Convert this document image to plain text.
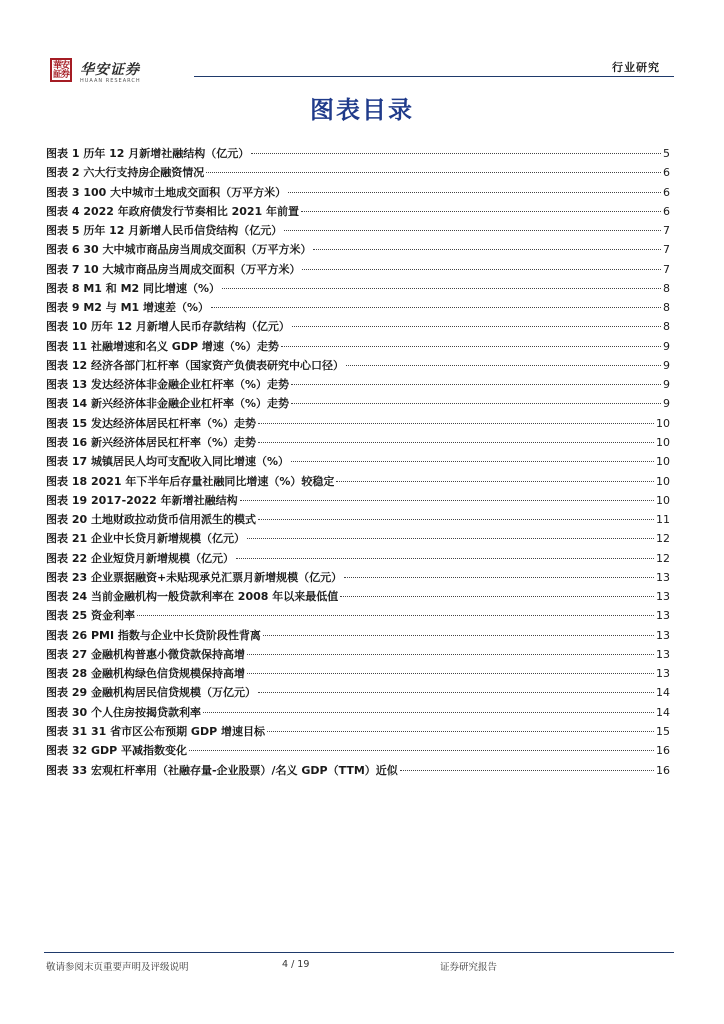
華
安
証
券 华安证券
HUAAN RESEARCH
行业研究
图表目录
图表 1 历年 12 月新增社融结构（亿元）	5
图表 2 六大行支持房企融资情况	6
图表 3 100 大中城市土地成交面积（万平方米）	6
图表 4 2022 年政府债发行节奏相比 2021 年前置	6
图表 5 历年 12 月新增人民币信贷结构（亿元）	7
图表 6 30 大中城市商品房当周成交面积（万平方米）	7
图表 7 10 大城市商品房当周成交面积（万平方米）	7
图表 8 M1 和 M2 同比增速（%）	8
图表 9 M2 与 M1 增速差（%）	8
图表 10 历年 12 月新增人民币存款结构（亿元）	8
图表 11 社融增速和名义 GDP 增速（%）走势	9
图表 12 经济各部门杠杆率（国家资产负债表研究中心口径）	9
图表 13 发达经济体非金融企业杠杆率（%）走势	9
图表 14 新兴经济体非金融企业杠杆率（%）走势	9
图表 15 发达经济体居民杠杆率（%）走势	10
图表 16 新兴经济体居民杠杆率（%）走势	10
图表 17 城镇居民人均可支配收入同比增速（%）	10
图表 18 2021 年下半年后存量社融同比增速（%）较稳定	10
图表 19 2017-2022 年新增社融结构	10
图表 20 土地财政拉动货币信用派生的模式	11
图表 21 企业中长贷月新增规模（亿元）	12
图表 22 企业短贷月新增规模（亿元）	12
图表 23 企业票据融资+未贴现承兑汇票月新增规模（亿元）	13
图表 24 当前金融机构一般贷款利率在 2008 年以来最低值	13
图表 25 资金利率	13
图表 26 PMI 指数与企业中长贷阶段性背离	13
图表 27 金融机构普惠小微贷款保持高增	13
图表 28 金融机构绿色信贷规模保持高增	13
图表 29 金融机构居民信贷规模（万亿元）	14
图表 30 个人住房按揭贷款利率	14
图表 31 31 省市区公布预期 GDP 增速目标	15
图表 32 GDP 平减指数变化	16
图表 33 宏观杠杆率用（社融存量-企业股票）/名义 GDP（TTM）近似	16
敬请参阅末页重要声明及评级说明	4 / 19	证券研究报告
